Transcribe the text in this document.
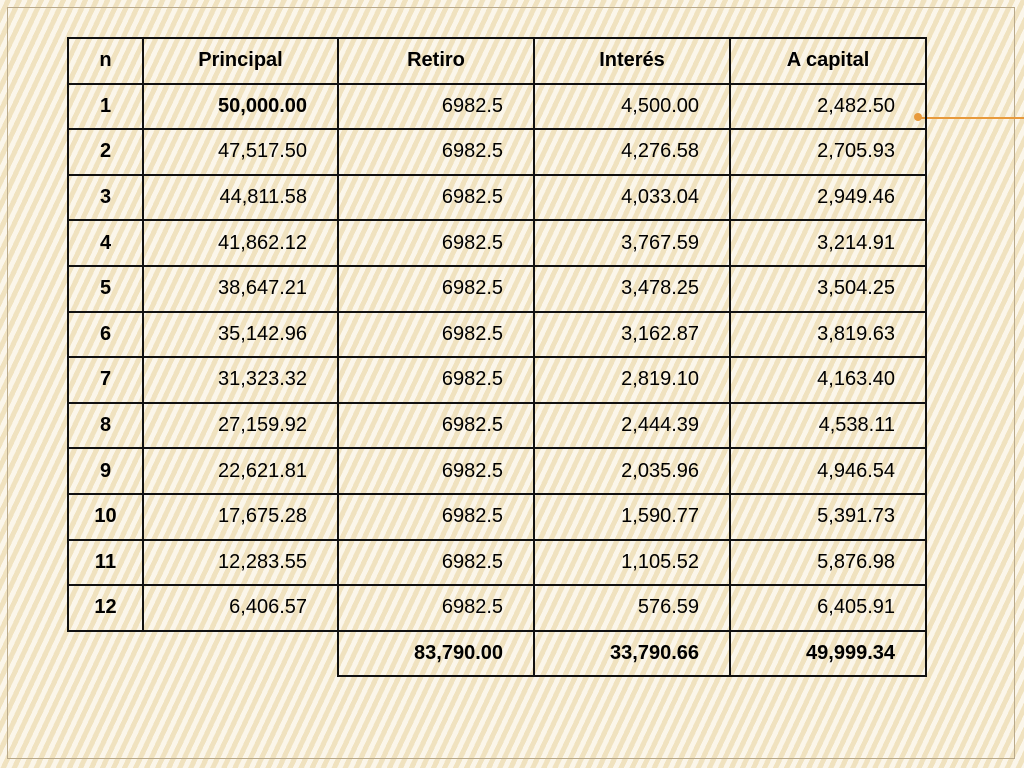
n	Principal	Retiro	Interés	A capital
1	50,000.00	6982.5	4,500.00	2,482.50
2	47,517.50	6982.5	4,276.58	2,705.93
3	44,811.58	6982.5	4,033.04	2,949.46
4	41,862.12	6982.5	3,767.59	3,214.91
5	38,647.21	6982.5	3,478.25	3,504.25
6	35,142.96	6982.5	3,162.87	3,819.63
7	31,323.32	6982.5	2,819.10	4,163.40
8	27,159.92	6982.5	2,444.39	4,538.11
9	22,621.81	6982.5	2,035.96	4,946.54
10	17,675.28	6982.5	1,590.77	5,391.73
11	12,283.55	6982.5	1,105.52	5,876.98
12	6,406.57	6982.5	576.59	6,405.91
		83,790.00	33,790.66	49,999.34
